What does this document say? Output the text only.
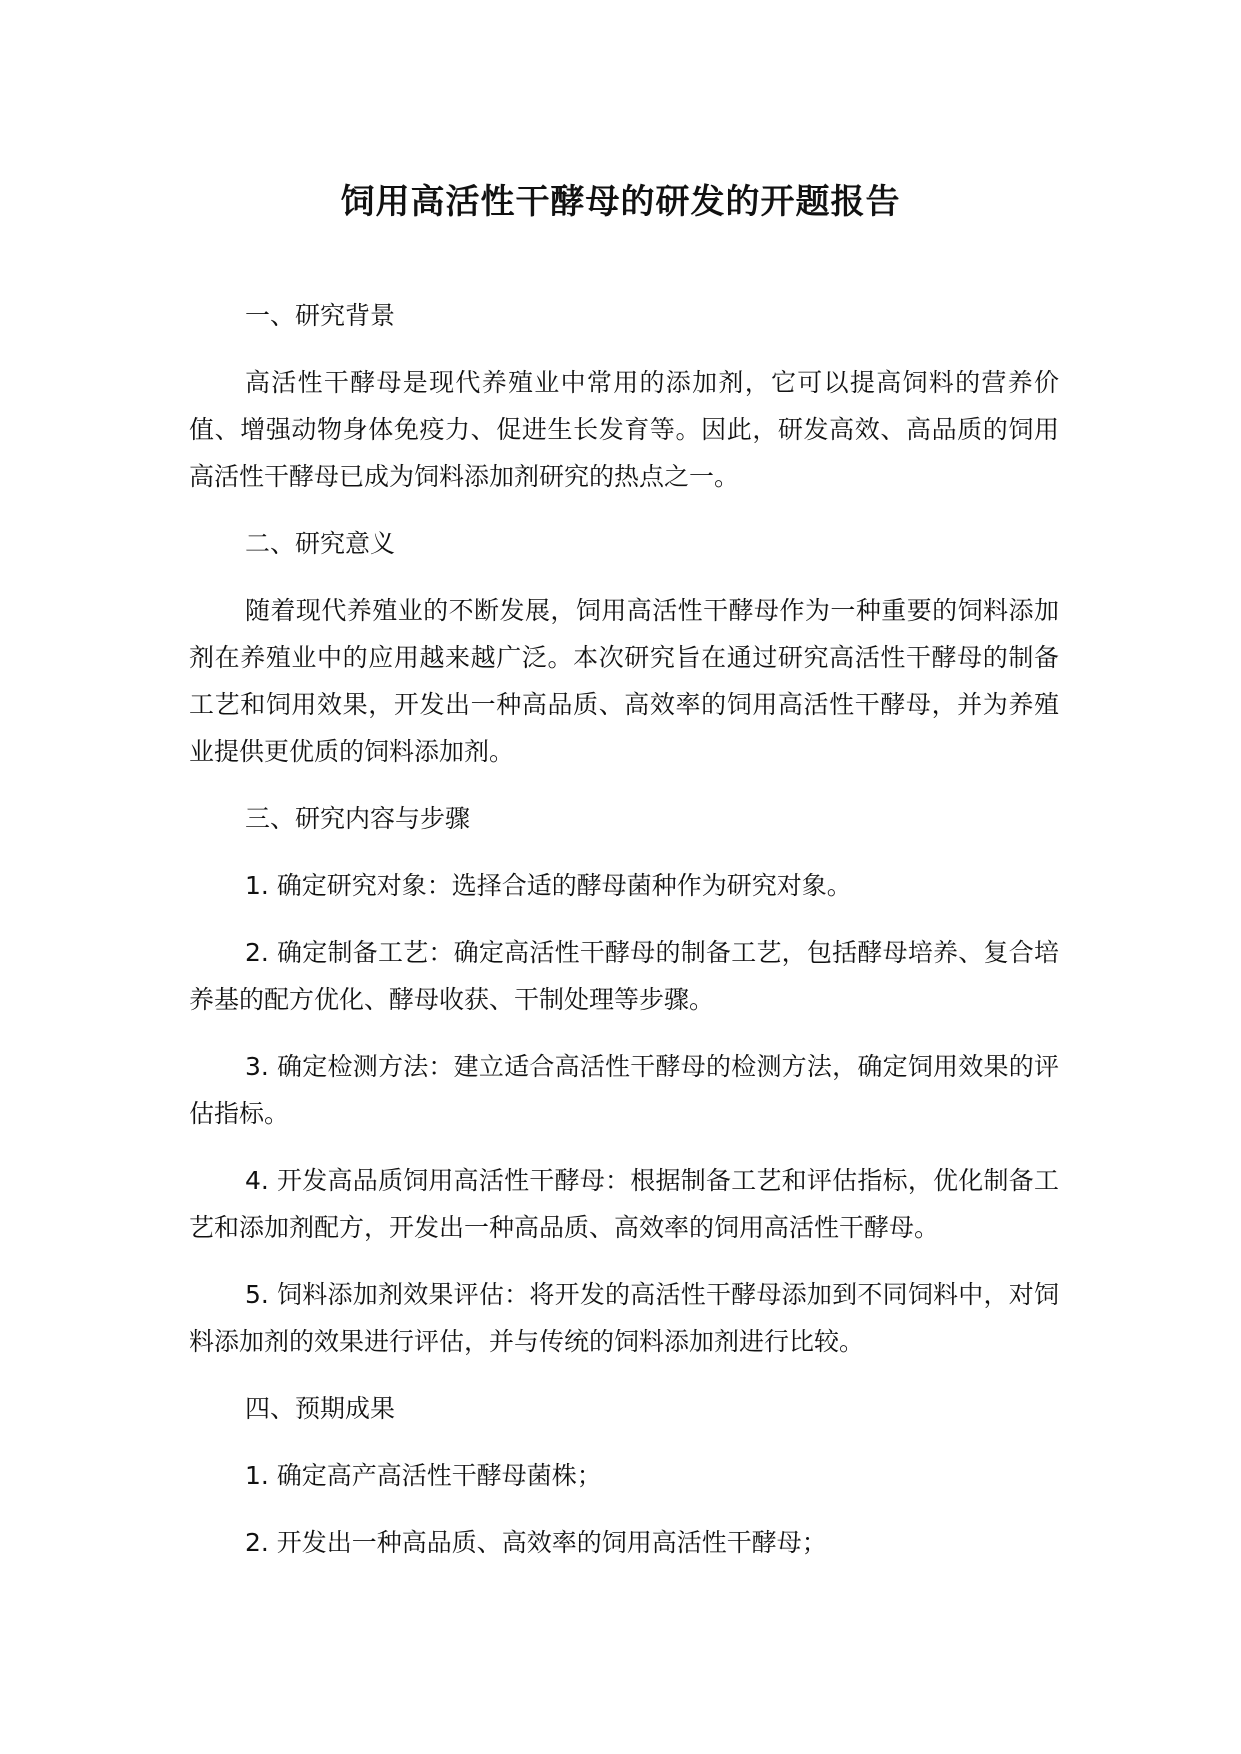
饲用高活性干酵母的研发的开题报告

一、研究背景

高活性干酵母是现代养殖业中常用的添加剂，它可以提高饲料的营养价值、增强动物身体免疫力、促进生长发育等。因此，研发高效、高品质的饲用高活性干酵母已成为饲料添加剂研究的热点之一。

二、研究意义

随着现代养殖业的不断发展，饲用高活性干酵母作为一种重要的饲料添加剂在养殖业中的应用越来越广泛。本次研究旨在通过研究高活性干酵母的制备工艺和饲用效果，开发出一种高品质、高效率的饲用高活性干酵母，并为养殖业提供更优质的饲料添加剂。

三、研究内容与步骤

1. 确定研究对象：选择合适的酵母菌种作为研究对象。

2. 确定制备工艺：确定高活性干酵母的制备工艺，包括酵母培养、复合培养基的配方优化、酵母收获、干制处理等步骤。

3. 确定检测方法：建立适合高活性干酵母的检测方法，确定饲用效果的评估指标。

4. 开发高品质饲用高活性干酵母：根据制备工艺和评估指标，优化制备工艺和添加剂配方，开发出一种高品质、高效率的饲用高活性干酵母。

5. 饲料添加剂效果评估：将开发的高活性干酵母添加到不同饲料中，对饲料添加剂的效果进行评估，并与传统的饲料添加剂进行比较。

四、预期成果

1. 确定高产高活性干酵母菌株；

2. 开发出一种高品质、高效率的饲用高活性干酵母；
